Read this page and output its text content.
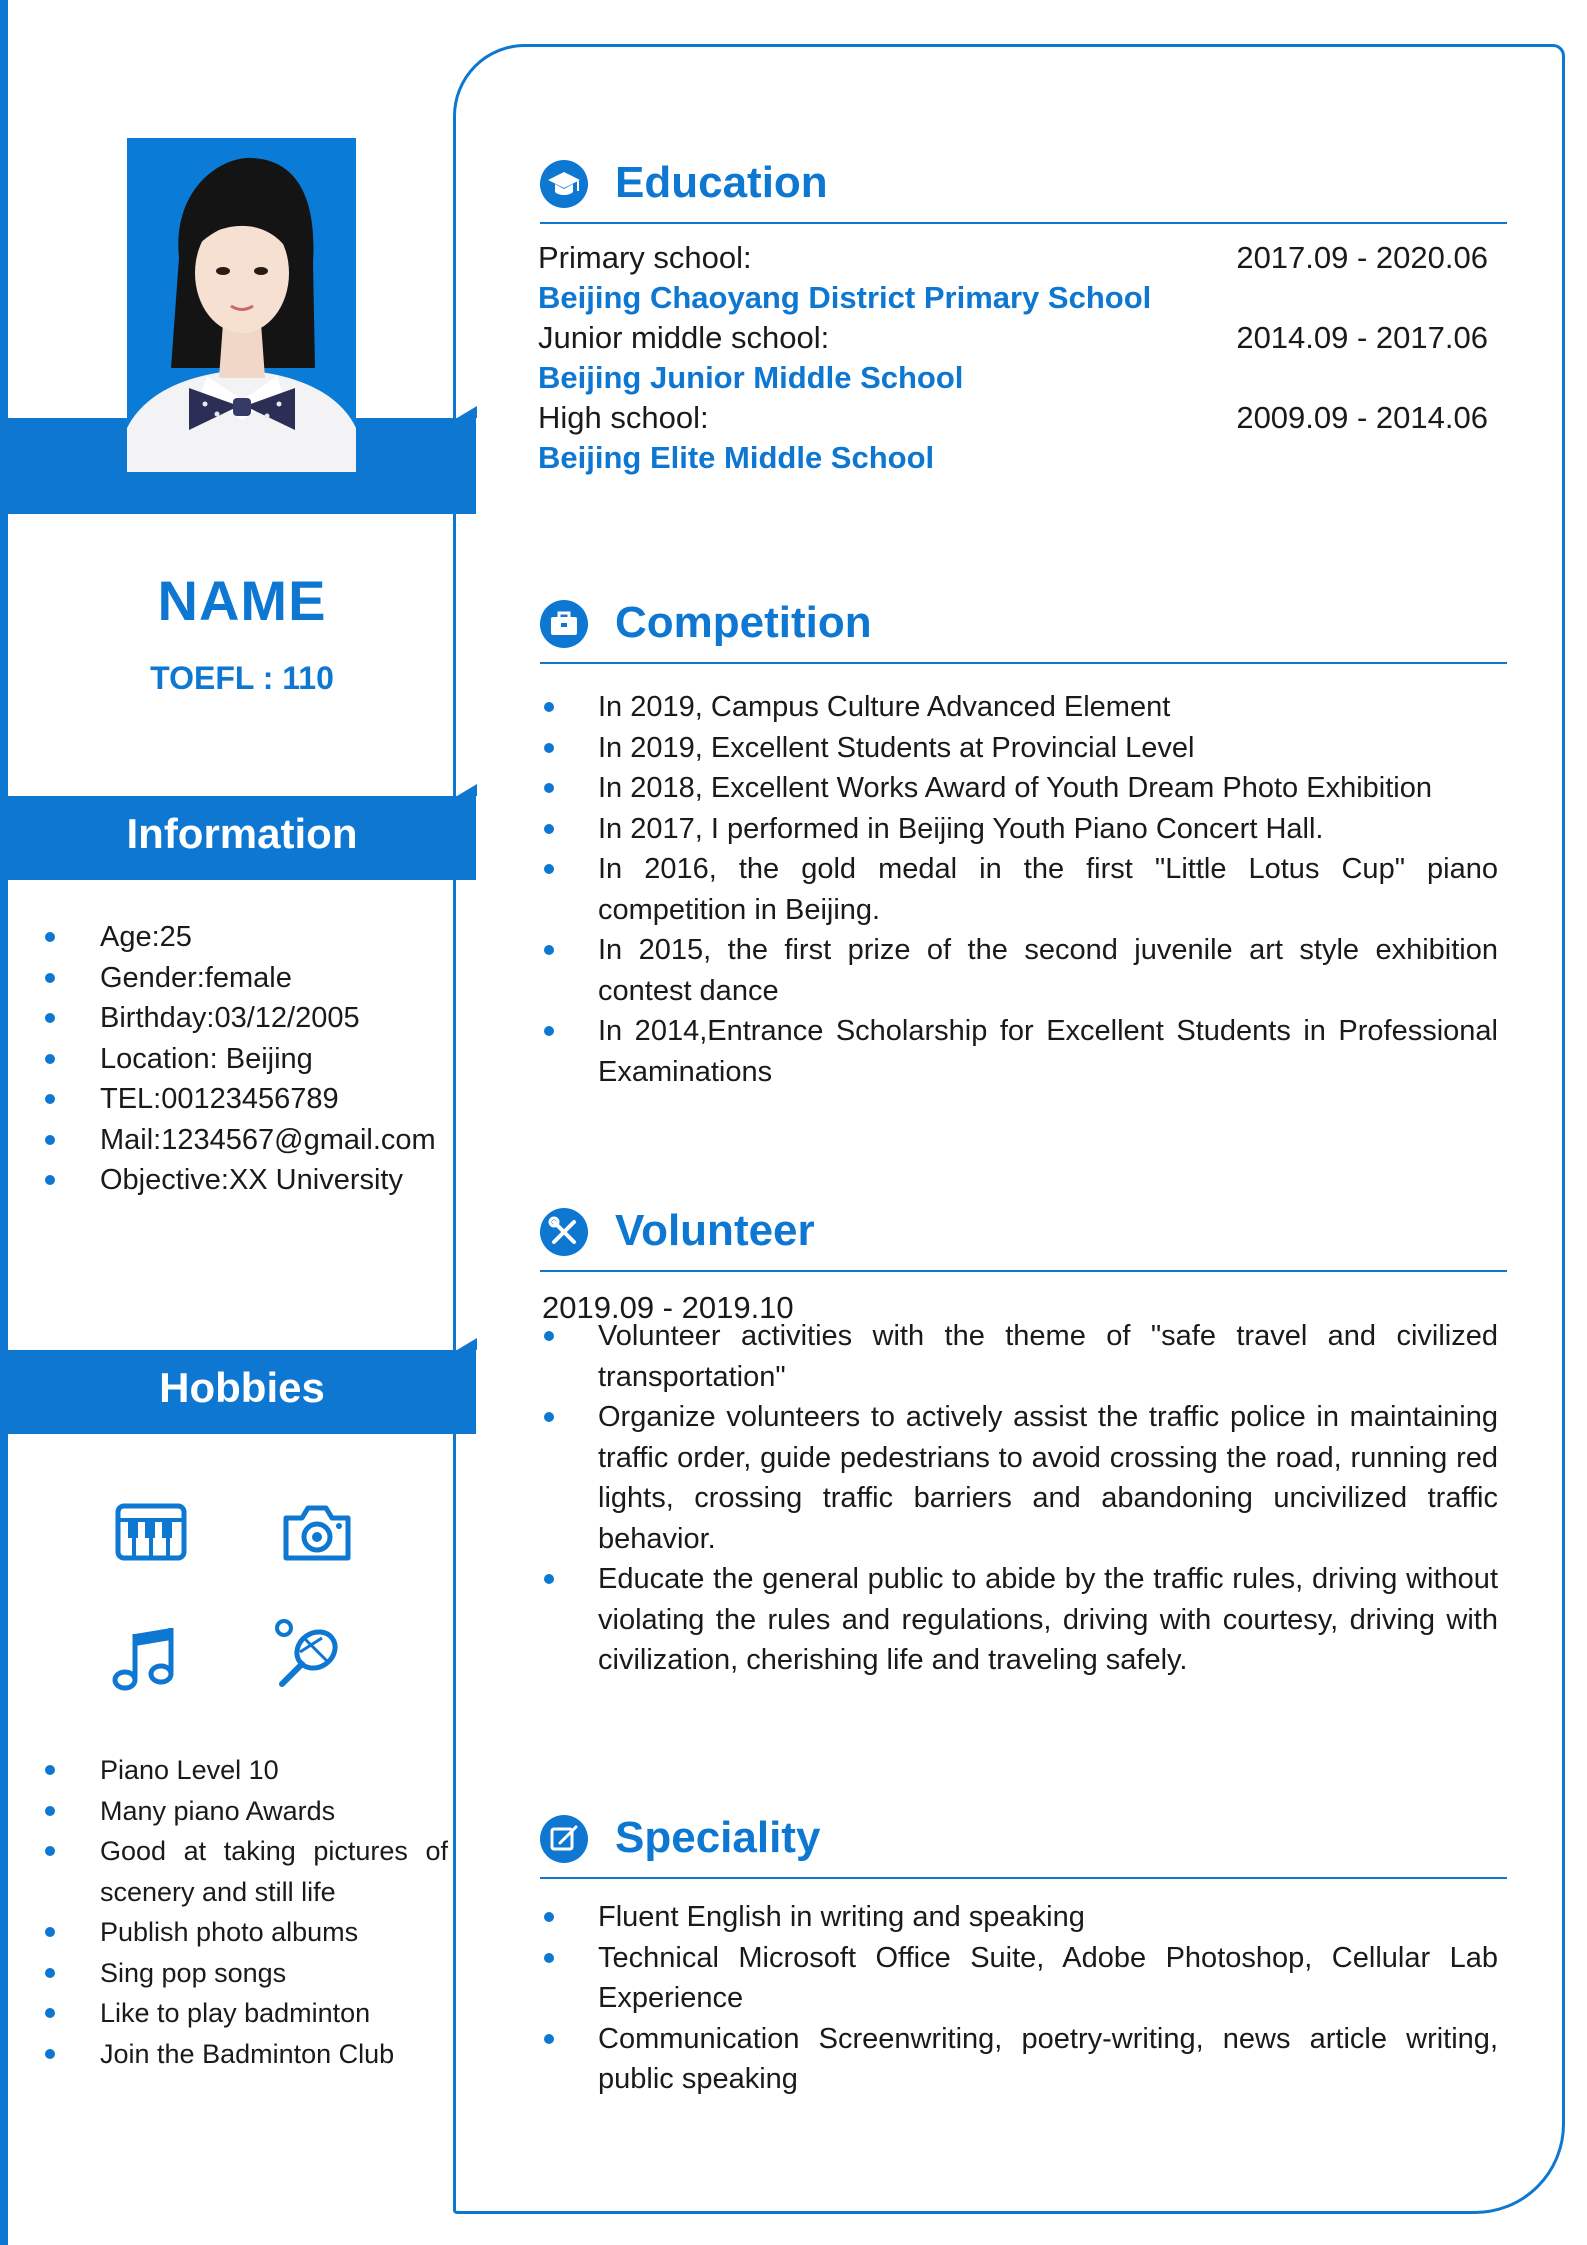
NAME
TOEFL : 110
Information
Age:25
Gender:female
Birthday:03/12/2005
Location: Beijing
TEL:00123456789
Mail:1234567@gmail.com
Objective:XX University
Hobbies
Piano Level 10
Many piano Awards
Good at taking pictures of scenery and still life
Publish photo albums
Sing pop songs
Like to play badminton
Join the Badminton Club
Education
Primary school:	2017.09 - 2020.06
Beijing Chaoyang District Primary School
Junior middle school:	2014.09 - 2017.06
Beijing Junior Middle School
High school:	2009.09 - 2014.06
Beijing Elite Middle School
Competition
In 2019, Campus Culture Advanced Element
In 2019, Excellent Students at Provincial Level
In 2018, Excellent Works Award of Youth Dream Photo Exhibition
In 2017, I performed in Beijing Youth Piano Concert Hall.
In 2016, the gold medal in the first "Little Lotus Cup" piano competition in Beijing.
In 2015, the first prize of the second juvenile art style exhibition contest dance
In 2014,Entrance Scholarship for Excellent Students in Professional Examinations
Volunteer
2019.09 - 2019.10
Volunteer activities with the theme of "safe travel and civilized transportation"
Organize volunteers to actively assist the traffic police in maintaining traffic order, guide pedestrians to avoid crossing the road, running red lights, crossing traffic barriers and abandoning uncivilized traffic behavior.
Educate the general public to abide by the traffic rules, driving without violating the rules and regulations, driving with courtesy, driving with civilization, cherishing life and traveling safely.
Speciality
Fluent English in writing and speaking
Technical Microsoft Office Suite, Adobe Photoshop, Cellular Lab Experience
Communication Screenwriting, poetry-writing, news article writing, public speaking
